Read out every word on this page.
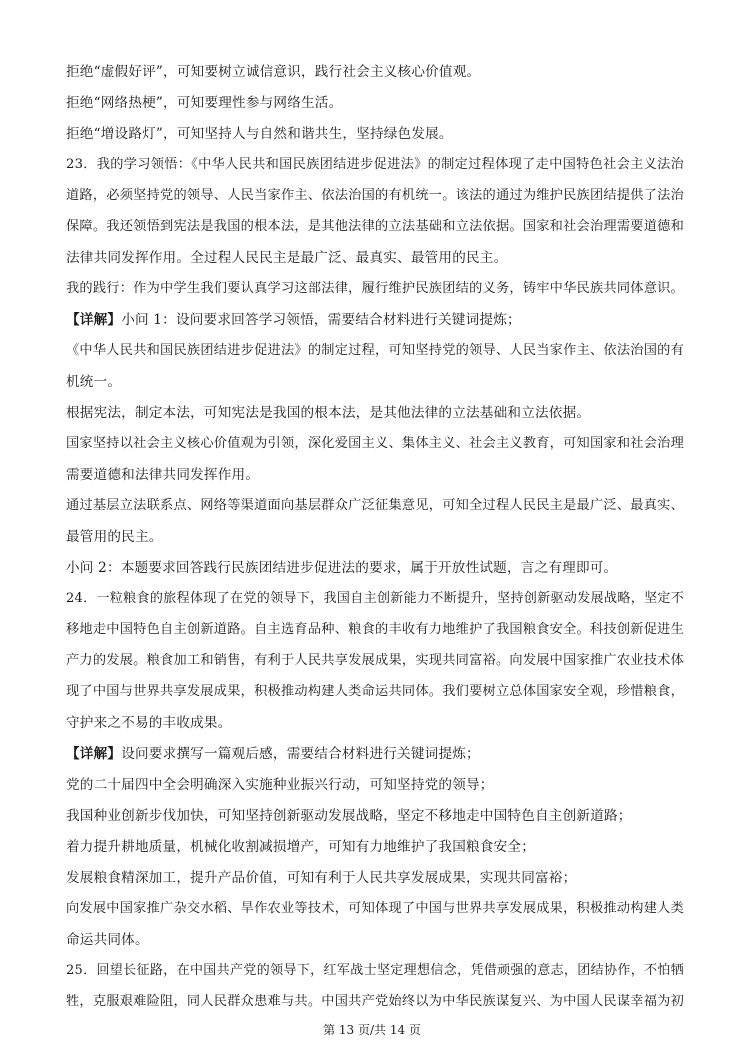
拒绝“虚假好评”，可知要树立诚信意识，践行社会主义核心价值观。
拒绝“网络热梗”，可知要理性参与网络生活。
拒绝“增设路灯”，可知坚持人与自然和谐共生，坚持绿色发展。
23．我的学习领悟：《中华人民共和国民族团结进步促进法》的制定过程体现了走中国特色社会主义法治
道路，必须坚持党的领导、人民当家作主、依法治国的有机统一。该法的通过为维护民族团结提供了法治
保障。我还领悟到宪法是我国的根本法，是其他法律的立法基础和立法依据。国家和社会治理需要道德和
法律共同发挥作用。全过程人民民主是最广泛、最真实、最管用的民主。
我的践行：作为中学生我们要认真学习这部法律，履行维护民族团结的义务，铸牢中华民族共同体意识。
【详解】小问 1：设问要求回答学习领悟，需要结合材料进行关键词提炼；
《中华人民共和国民族团结进步促进法》的制定过程，可知坚持党的领导、人民当家作主、依法治国的有
机统一。
根据宪法，制定本法，可知宪法是我国的根本法，是其他法律的立法基础和立法依据。
国家坚持以社会主义核心价值观为引领，深化爱国主义、集体主义、社会主义教育，可知国家和社会治理
需要道德和法律共同发挥作用。
通过基层立法联系点、网络等渠道面向基层群众广泛征集意见，可知全过程人民民主是最广泛、最真实、
最管用的民主。
小问 2：本题要求回答践行民族团结进步促进法的要求，属于开放性试题，言之有理即可。
24．一粒粮食的旅程体现了在党的领导下，我国自主创新能力不断提升，坚持创新驱动发展战略，坚定不
移地走中国特色自主创新道路。自主选育品种、粮食的丰收有力地维护了我国粮食安全。科技创新促进生
产力的发展。粮食加工和销售，有利于人民共享发展成果，实现共同富裕。向发展中国家推广农业技术体
现了中国与世界共享发展成果，积极推动构建人类命运共同体。我们要树立总体国家安全观，珍惜粮食，
守护来之不易的丰收成果。
【详解】设问要求撰写一篇观后感，需要结合材料进行关键词提炼；
党的二十届四中全会明确深入实施种业振兴行动，可知坚持党的领导；
我国种业创新步伐加快，可知坚持创新驱动发展战略，坚定不移地走中国特色自主创新道路；
着力提升耕地质量，机械化收割减损增产，可知有力地维护了我国粮食安全；
发展粮食精深加工，提升产品价值，可知有利于人民共享发展成果，实现共同富裕；
向发展中国家推广杂交水稻、旱作农业等技术，可知体现了中国与世界共享发展成果，积极推动构建人类
命运共同体。
25．回望长征路，在中国共产党的领导下，红军战士坚定理想信念，凭借顽强的意志，团结协作，不怕牺
牲，克服艰难险阻，同人民群众患难与共。中国共产党始终以为中华民族谋复兴、为中国人民谋幸福为初
第 13 页/共 14 页
